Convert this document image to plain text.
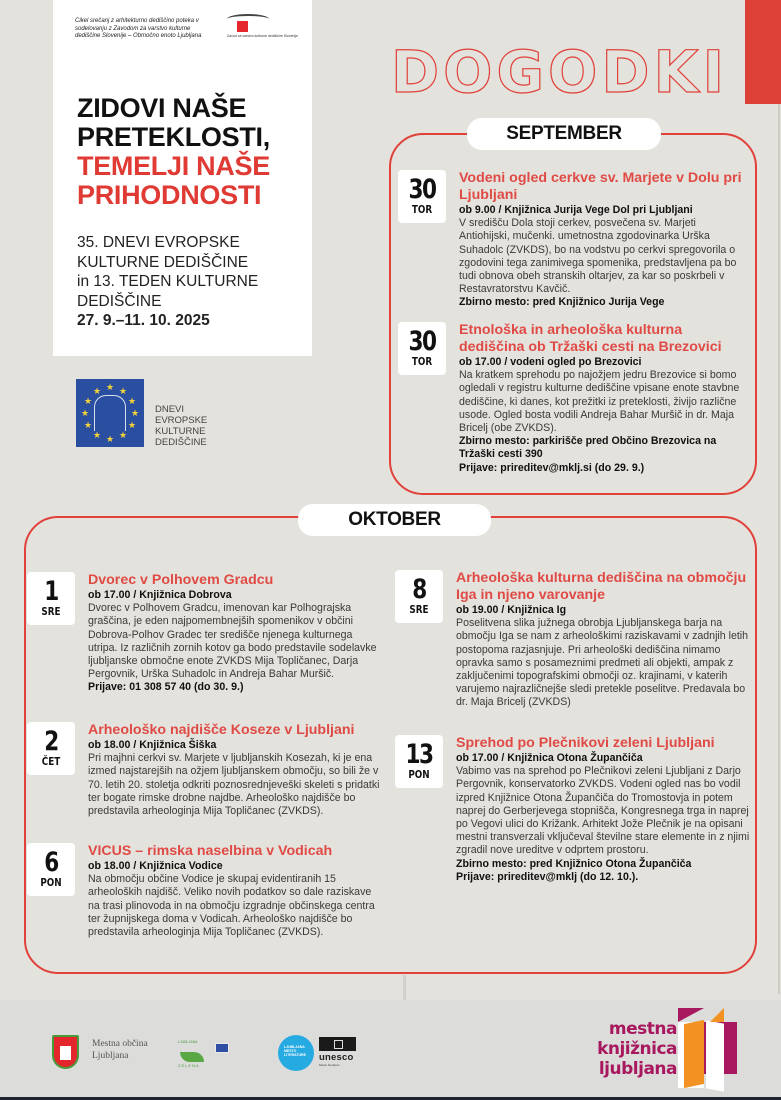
Cikel srečanj z arhitekturno dediščino poteka v sodelovanju z Zavodom za varstvo kulturne dediščine Slovenije – Območno enoto Ljubljana	Zavod za varstvo kulturne dediščine Slovenije
ZIDOVI NAŠE
PRETEKLOSTI,
TEMELJI NAŠE
PRIHODNOSTI
35. DNEVI EVROPSKE
KULTURNE DEDIŠČINE
in 13. TEDEN KULTURNE
DEDIŠČINE
27. 9.–11. 10. 2025
★ ★
★
★
★
★
★
★
★
★
★
★
DNEVI
EVROPSKE
KULTURNE
DEDIŠČINE
DOGODKI
SEPTEMBER
30
TOR
Vodeni ogled cerkve sv. Marjete v Dolu pri Ljubljani
ob 9.00 / Knjižnica Jurija Vege Dol pri Ljubljani
V središču Dola stoji cerkev, posvečena sv. Marjeti Antiohijski, mučenki. umetnostna zgodovinarka Urška Suhadolc (ZVKDS), bo na vodstvu po cerkvi spregovorila o zgodovini tega zanimivega spomenika, predstavljena pa bo tudi obnova obeh stranskih oltarjev, za kar so poskrbeli v Restavratorstvu Kavčič.
Zbirno mesto: pred Knjižnico Jurija Vege
30
TOR
Etnološka in arheološka kulturna dediščina ob Tržaški cesti na Brezovici
ob 17.00 / vodeni ogled po Brezovici
Na kratkem sprehodu po najožjem jedru Brezovice si bomo ogledali v registru kulturne dediščine vpisane enote stavbne dediščine, ki danes, kot prežitki iz preteklosti, živijo različne usode. Ogled bosta vodili Andreja Bahar Muršič in dr. Maja Bricelj (obe ZVKDS).
Zbirno mesto: parkirišče pred Občino Brezovica na Tržaški cesti 390
Prijave: prireditev@mklj.si (do 29. 9.)
OKTOBER
1
SRE
Dvorec v Polhovem Gradcu
ob 17.00 / Knjižnica Dobrova
Dvorec v Polhovem Gradcu, imenovan kar Polhograjska graščina, je eden najpomembnejših spomenikov v občini Dobrova-Polhov Gradec ter središče njenega kulturnega utripa. Iz različnih zornih kotov ga bodo predstavile sodelavke ljubljanske območne enote ZVKDS Mija Topličanec, Darja Pergovnik, Urška Suhadolc in Andreja Bahar Muršič.
Prijave: 01 308 57 40 (do 30. 9.)
2
ČET
Arheološko najdišče Koseze v Ljubljani
ob 18.00 / Knjižnica Šiška
Pri majhni cerkvi sv. Marjete v ljubljanskih Kosezah, ki je ena izmed najstarejših na ožjem ljubljanskem območju, so bili že v 70. letih 20. stoletja odkriti poznosrednjeveški skeleti s pridatki ter bogate rimske drobne najdbe. Arheološko najdišče bo predstavila arheologinja Mija Topličanec (ZVKDS).
6
PON
VICUS – rimska naselbina v Vodicah
ob 18.00 / Knjižnica Vodice
Na območju občine Vodice je skupaj evidentiranih 15 arheoloških najdišč. Veliko novih podatkov so dale raziskave na trasi plinovoda in na območju izgradnje občinskega centra ter župnijskega doma v Vodicah. Arheološko najdišče bo predstavila arheologinja Mija Topličanec (ZVKDS).
8
SRE
Arheološka kulturna dediščina na območju Iga in njeno varovanje
ob 19.00 / Knjižnica Ig
Poselitvena slika južnega obrobja Ljubljanskega barja na območju Iga se nam z arheološkimi raziskavami v zadnjih letih postopoma razjasnjuje. Pri arheološki dediščina nimamo opravka samo s posameznimi predmeti ali objekti, ampak z zaključenimi topografskimi območji oz. krajinami, v katerih varujemo najrazličnejše sledi pretekle poselitve. Predavala bo dr. Maja Bricelj (ZVKDS)
13
PON
Sprehod po Plečnikovi zeleni Ljubljani
ob 17.00 / Knjižnica Otona Župančiča
Vabimo vas na sprehod po Plečnikovi zeleni Ljubljani z Darjo Pergovnik, konservatorko ZVKDS. Vodeni ogled nas bo vodil izpred Knjižnice Otona Župančiča do Tromostovja in potem naprej do Gerberjevega stopnišča, Kongresnega trga in naprej po Vegovi ulici do Križank. Arhitekt Jože Plečnik je na opisani mestni transverzali vključeval številne stare elemente in z njimi zgradil nove ureditve v odprtem prostoru.
Zbirno mesto: pred Knjižnico Otona Župančiča
Prijave: prireditev@mklj (do 12. 10.).
Mestna občina
Ljubljana
LJUBLJANA
ZELENA
LJUBLJANA MESTO LITERATURE	unesco
Mesto literature
mestna
knjižnica
ljubljana
